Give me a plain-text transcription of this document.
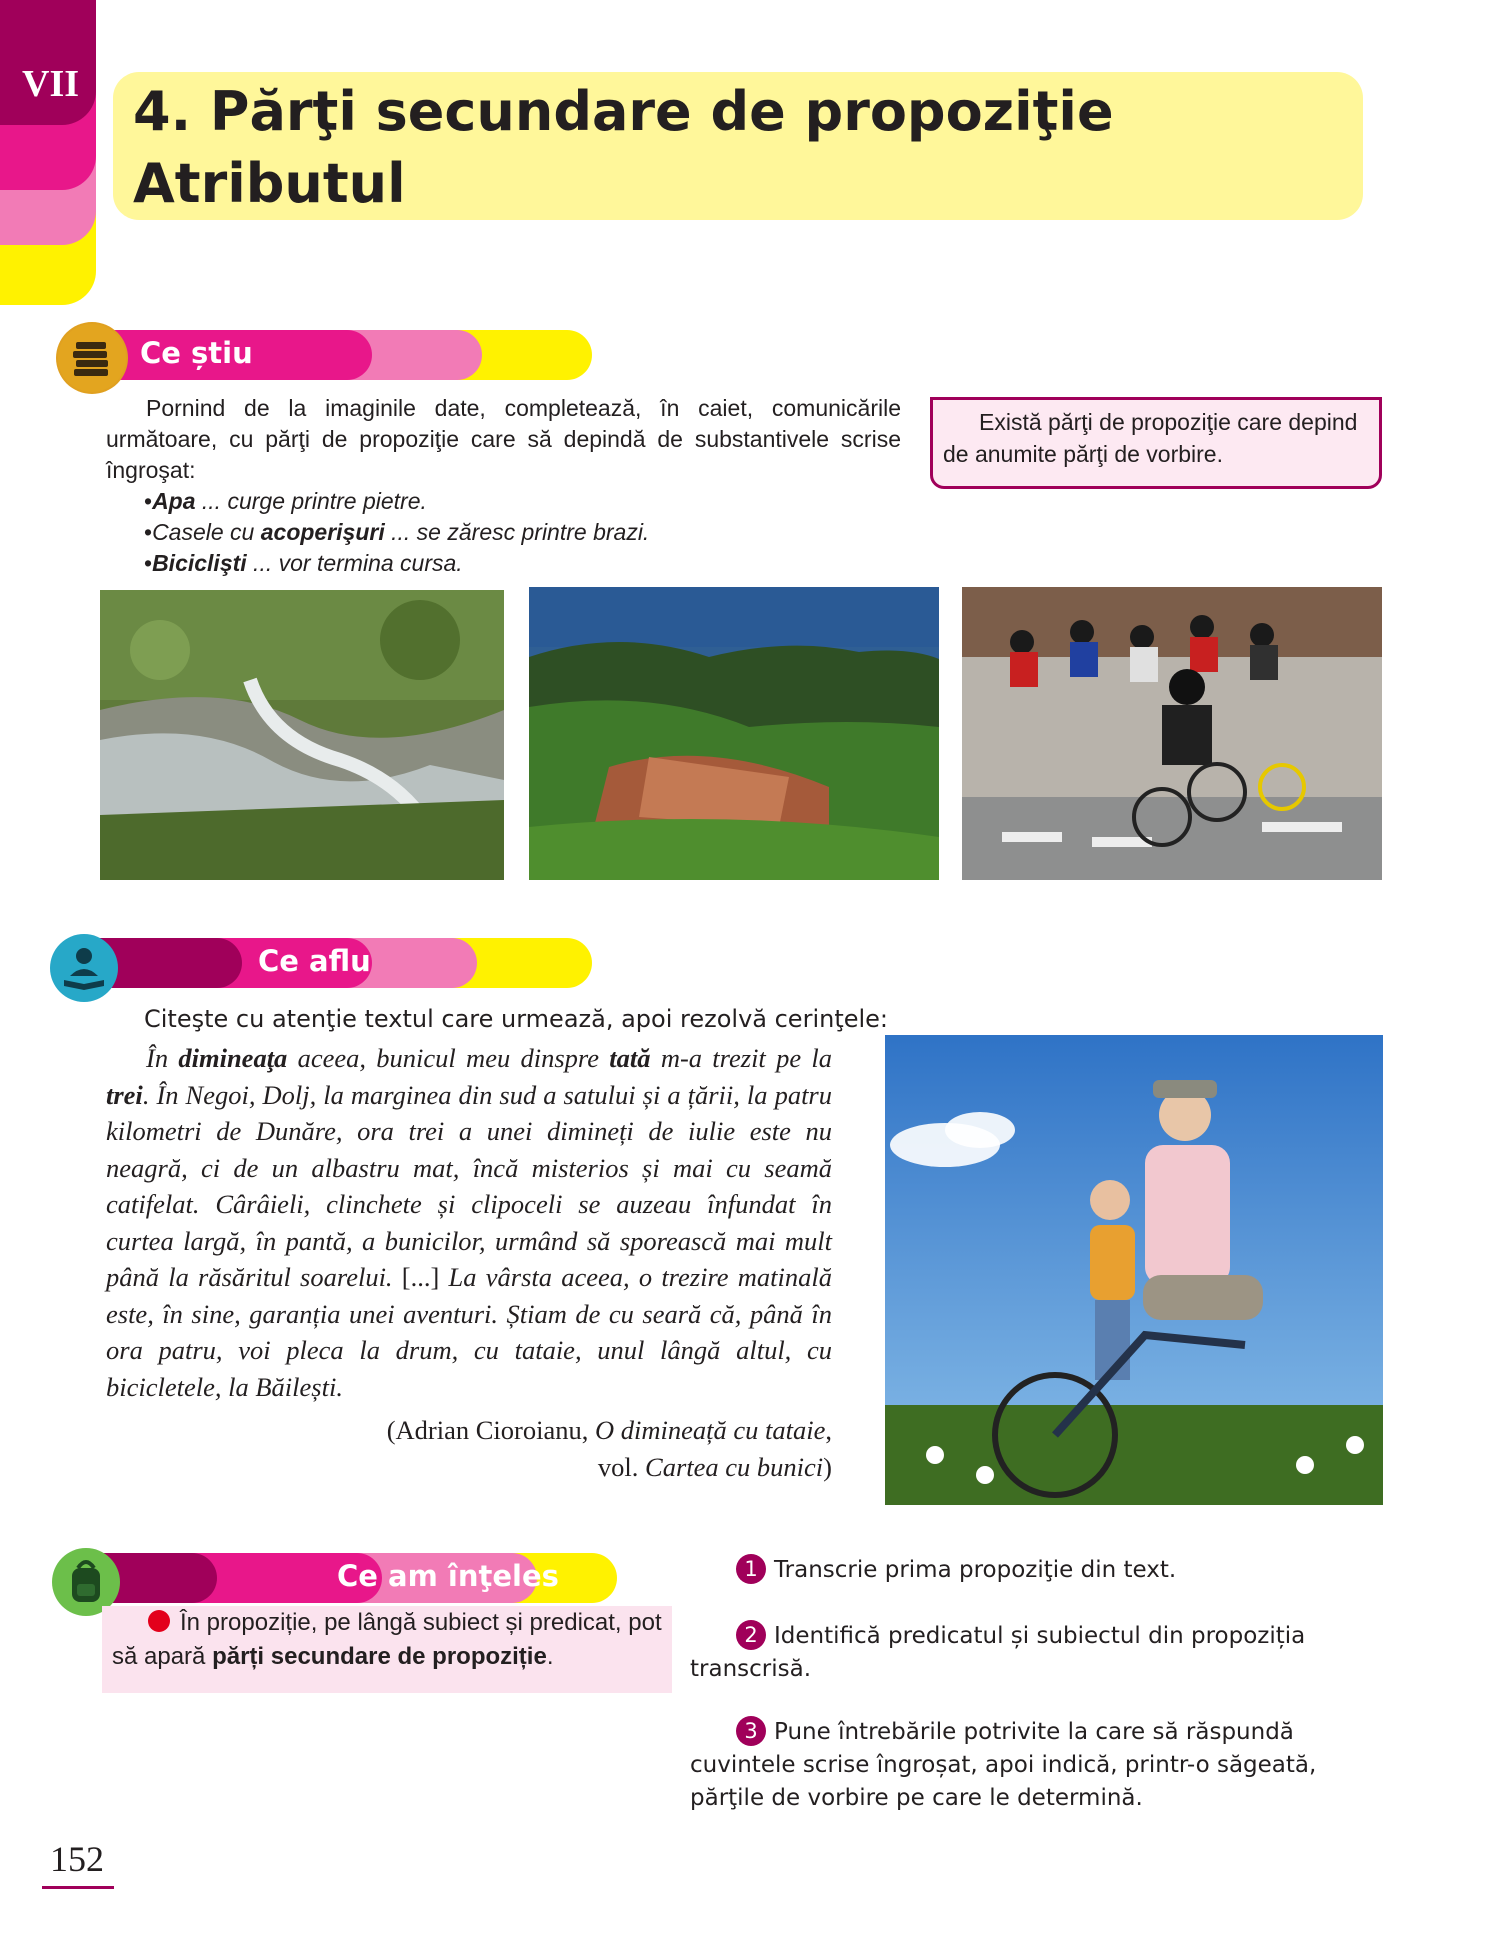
VII 4. Părţi secundare de propoziţie
Atributul
Ce știu
Pornind de la imaginile date, completează, în caiet, comunicările următoare, cu părţi de propoziţie care să depindă de substantivele scrise îngroşat:
• Apa ... curge printre pietre.
• Casele cu acoperişuri ... se zăresc printre brazi.
• Biciclişti ... vor termina cursa.
Există părţi de propoziţie care depind
de anumite părţi de vorbire.
Ce aflu
Citeşte cu atenţie textul care urmează, apoi rezolvă cerinţele:
În dimineaţa aceea, bunicul meu dinspre tată m-a trezit pe la trei. În Negoi, Dolj, la marginea din sud a satului și a țării, la patru kilometri de Dunăre, ora trei a unei dimineți de iulie este nu neagră, ci de un albastru mat, încă misterios și mai cu seamă catifelat. Cârâieli, clinchete și clipoceli se auzeau înfundat în curtea largă, în pantă, a bunicilor, urmând să sporească mai mult până la răsăritul soarelui. [...] La vârsta aceea, o trezire matinală este, în sine, garanția unei aventuri. Știam de cu seară că, până în ora patru, voi pleca la drum, cu tataie, unul lângă altul, cu bicicletele, la Băilești.
(Adrian Cioroianu, O dimineață cu tataie,
vol. Cartea cu bunici)
Ce am înţeles
În propoziție, pe lângă subiect și predicat, pot să apară părți secundare de propoziție.
1 Transcrie prima propoziţie din text.
2 Identifică predicatul și subiectul din propoziția transcrisă.
3 Pune întrebările potrivite la care să răspundă cuvintele scrise îngroșat, apoi indică, printr-o săgeată, părţile de vorbire pe care le determină.
152
